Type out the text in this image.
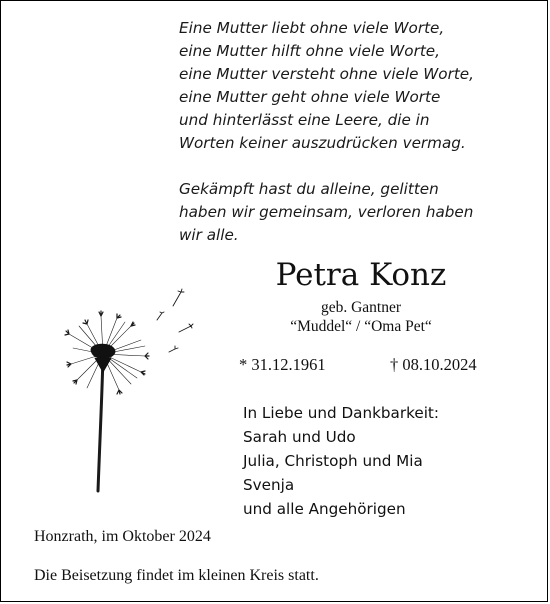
Eine Mutter liebt ohne viele Worte,
eine Mutter hilft ohne viele Worte,
eine Mutter versteht ohne viele Worte,
eine Mutter geht ohne viele Worte
und hinterlässt eine Leere, die in
Worten keiner auszudrücken vermag.
Gekämpft hast du alleine, gelitten
haben wir gemeinsam, verloren haben
wir alle.
Petra Konz
geb. Gantner
“Muddel“ / “Oma Pet“
* 31.12.1961	† 08.10.2024
In Liebe und Dankbarkeit:
Sarah und Udo
Julia, Christoph und Mia
Svenja
und alle Angehörigen
Honzrath, im Oktober 2024
Die Beisetzung findet im kleinen Kreis statt.
